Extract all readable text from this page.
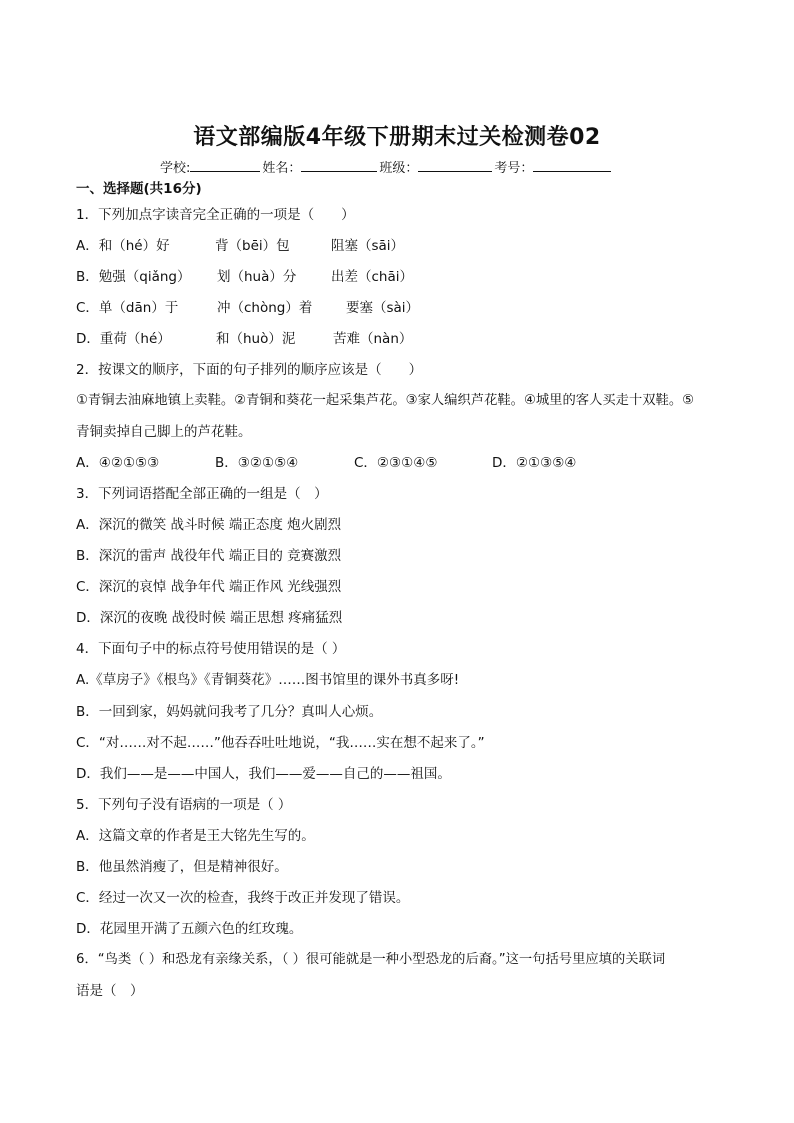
语文部编版4年级下册期末过关检测卷02
学校:	姓名：	班级：	考号：
一、选择题(共16分)
1．下列加点字读音完全正确的一项是（　　）
A．和（hé）好	背（bēi）包	阻塞（sāi）
B．勉强（qiǎng） 划（huà）分	出差（chāi）
C．单（dān）于	冲（chòng）着 要塞（sài）
D．重荷（hé）	和（huò）泥	苦难（nàn）
2．按课文的顺序，下面的句子排列的顺序应该是（　　）
①青铜去油麻地镇上卖鞋。②青铜和葵花一起采集芦花。③家人编织芦花鞋。④城里的客人买走十双鞋。⑤
青铜卖掉自己脚上的芦花鞋。
A．④②①⑤③	B．③②①⑤④	C．②③①④⑤	D．②①③⑤④
3．下列词语搭配全部正确的一组是（　）
A．深沉的微笑 战斗时候 端正态度 炮火剧烈
B．深沉的雷声 战役年代 端正目的 竞赛激烈
C．深沉的哀悼 战争年代 端正作风 光线强烈
D．深沉的夜晚 战役时候 端正思想 疼痛猛烈
4．下面句子中的标点符号使用错误的是（ ）
A.《草房子》《根鸟》《青铜葵花》……图书馆里的课外书真多呀!
B．一回到家，妈妈就问我考了几分？真叫人心烦。
C．“对……对不起……”他吞吞吐吐地说，“我……实在想不起来了。”
D．我们——是——中国人，我们——爱——自己的——祖国。
5．下列句子没有语病的一项是（ ）
A．这篇文章的作者是王大铭先生写的。
B．他虽然消瘦了，但是精神很好。
C．经过一次又一次的检查，我终于改正并发现了错误。
D．花园里开满了五颜六色的红玫瑰。
6．“鸟类（ ）和恐龙有亲缘关系，（ ）很可能就是一种小型恐龙的后裔。”这一句括号里应填的关联词
语是（　）
